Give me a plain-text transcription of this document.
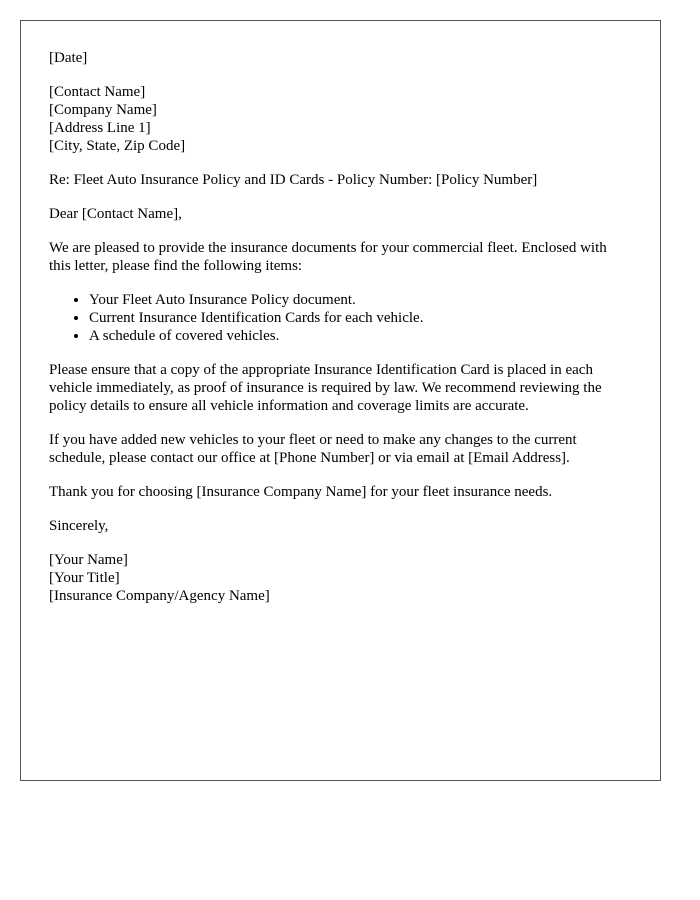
[Date]

[Contact Name]
[Company Name]
[Address Line 1]
[City, State, Zip Code]

Re: Fleet Auto Insurance Policy and ID Cards - Policy Number: [Policy Number]

Dear [Contact Name],

We are pleased to provide the insurance documents for your commercial fleet. Enclosed with this letter, please find the following items:

• Your Fleet Auto Insurance Policy document.
• Current Insurance Identification Cards for each vehicle.
• A schedule of covered vehicles.

Please ensure that a copy of the appropriate Insurance Identification Card is placed in each vehicle immediately, as proof of insurance is required by law. We recommend reviewing the policy details to ensure all vehicle information and coverage limits are accurate.

If you have added new vehicles to your fleet or need to make any changes to the current schedule, please contact our office at [Phone Number] or via email at [Email Address].

Thank you for choosing [Insurance Company Name] for your fleet insurance needs.

Sincerely,

[Your Name]
[Your Title]
[Insurance Company/Agency Name]
